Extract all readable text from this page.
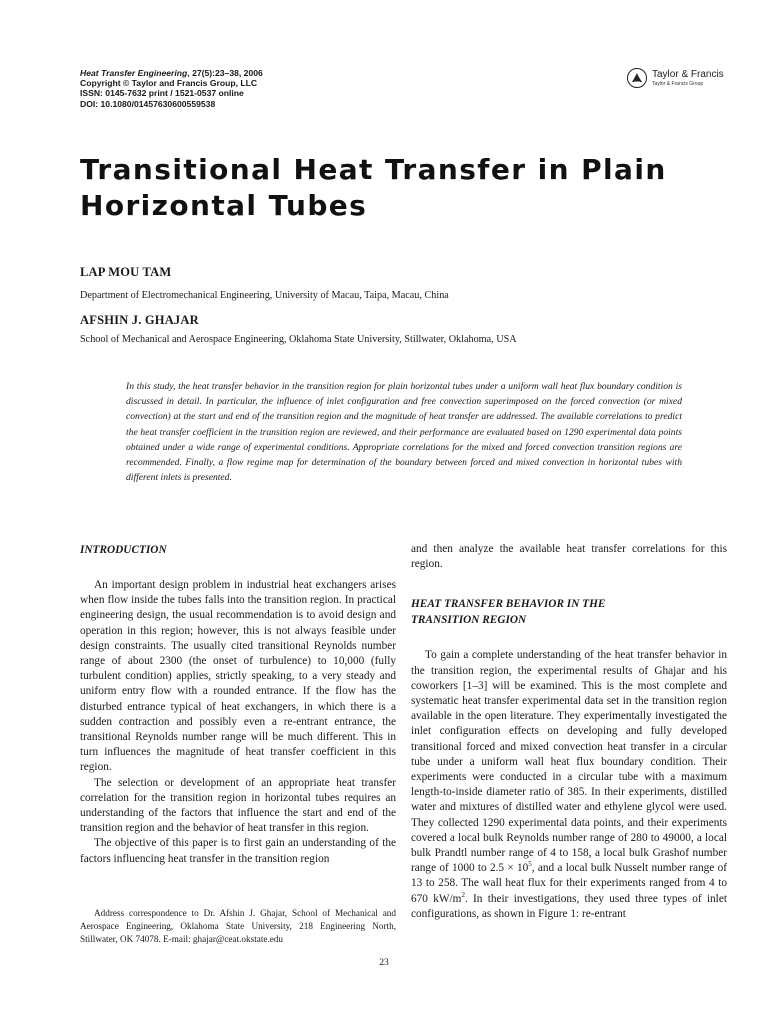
Heat Transfer Engineering, 27(5):23–38, 2006
Copyright © Taylor and Francis Group, LLC
ISSN: 0145-7632 print / 1521-0537 online
DOI: 10.1080/01457630600559538
Taylor & Francis
Taylor & Francis Group
Transitional Heat Transfer in Plain
Horizontal Tubes
LAP MOU TAM
Department of Electromechanical Engineering, University of Macau, Taipa, Macau, China
AFSHIN J. GHAJAR
School of Mechanical and Aerospace Engineering, Oklahoma State University, Stillwater, Oklahoma, USA
In this study, the heat transfer behavior in the transition region for plain horizontal tubes under a uniform wall heat flux boundary condition is discussed in detail. In particular, the influence of inlet configuration and free convection superimposed on the forced convection (or mixed convection) at the start and end of the transition region and the magnitude of heat transfer are addressed. The available correlations to predict the heat transfer coefficient in the transition region are reviewed, and their performance are evaluated based on 1290 experimental data points obtained under a wide range of experimental conditions. Appropriate correlations for the mixed and forced convection transition regions are recommended. Finally, a flow regime map for determination of the boundary between forced and mixed convection in horizontal tubes with different inlets is presented.
INTRODUCTION

An important design problem in industrial heat exchangers arises when flow inside the tubes falls into the transition region. In practical engineering design, the usual recommendation is to avoid design and operation in this region; however, this is not always feasible under design constraints. The usually cited transitional Reynolds number range of about 2300 (the onset of turbulence) to 10,000 (fully turbulent condition) applies, strictly speaking, to a very steady and uniform entry flow with a rounded entrance. If the flow has the disturbed entrance typical of heat exchangers, in which there is a sudden contraction and possibly even a re-entrant entrance, the transitional Reynolds number range will be much different. This in turn influences the magnitude of heat transfer coefficient in this region.

The selection or development of an appropriate heat transfer correlation for the transition region in horizontal tubes requires an understanding of the factors that influence the start and end of the transition region and the behavior of heat transfer in this region.

The objective of this paper is to first gain an understanding of the factors influencing heat transfer in the transition region

Address correspondence to Dr. Afshin J. Ghajar, School of Mechanical and Aerospace Engineering, Oklahoma State University, 218 Engineering North, Stillwater, OK 74078. E-mail: ghajar@ceat.okstate.edu

and then analyze the available heat transfer correlations for this region.

HEAT TRANSFER BEHAVIOR IN THE
TRANSITION REGION

To gain a complete understanding of the heat transfer behavior in the transition region, the experimental results of Ghajar and his coworkers [1–3] will be examined. This is the most complete and systematic heat transfer experimental data set in the transition region available in the open literature. They experimentally investigated the inlet configuration effects on developing and fully developed transitional forced and mixed convection heat transfer in a circular tube under a uniform wall heat flux boundary condition. Their experiments were conducted in a circular tube with a maximum length-to-inside diameter ratio of 385. In their experiments, distilled water and mixtures of distilled water and ethylene glycol were used. They collected 1290 experimental data points, and their experiments covered a local bulk Reynolds number range of 280 to 49000, a local bulk Prandtl number range of 4 to 158, a local bulk Grashof number range of 1000 to $2.5 \times 10^5$, and a local bulk Nusselt number range of 13 to 258. The wall heat flux for their experiments ranged from 4 to 670 $kW/m^2$. In their investigations, they used three types of inlet configurations, as shown in Figure 1: re-entrant

23
